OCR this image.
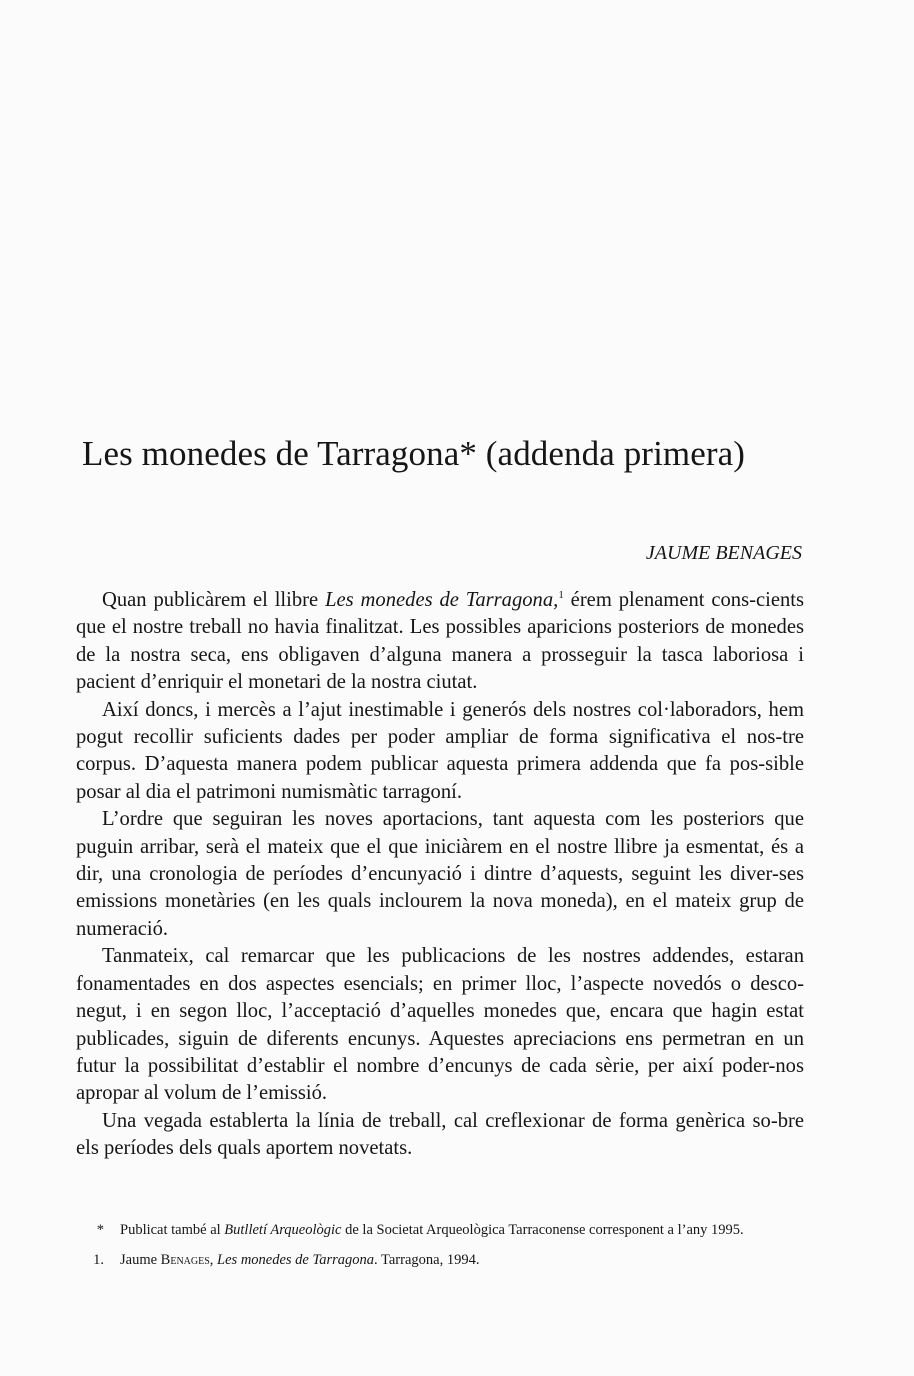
Les monedes de Tarragona* (addenda primera)
JAUME BENAGES

Quan publicàrem el llibre Les monedes de Tarragona,$^1$ érem plenament cons-cients que el nostre treball no havia finalitzat. Les possibles aparicions posteriors de monedes de la nostra seca, ens obligaven d’alguna manera a prosseguir la tasca laboriosa i pacient d’enriquir el monetari de la nostra ciutat.

Així doncs, i mercès a l’ajut inestimable i generós dels nostres col·laboradors, hem pogut recollir suficients dades per poder ampliar de forma significativa el nos-tre corpus. D’aquesta manera podem publicar aquesta primera addenda que fa pos-sible posar al dia el patrimoni numismàtic tarragoní.

L’ordre que seguiran les noves aportacions, tant aquesta com les posteriors que puguin arribar, serà el mateix que el que iniciàrem en el nostre llibre ja esmentat, és a dir, una cronologia de períodes d’encunyació i dintre d’aquests, seguint les diver-ses emissions monetàries (en les quals inclourem la nova moneda), en el mateix grup de numeració.

Tanmateix, cal remarcar que les publicacions de les nostres addendes, estaran fonamentades en dos aspectes esencials; en primer lloc, l’aspecte novedós o desco-negut, i en segon lloc, l’acceptació d’aquelles monedes que, encara que hagin estat publicades, siguin de diferents encunys. Aquestes apreciacions ens permetran en un futur la possibilitat d’establir el nombre d’encunys de cada sèrie, per així poder-nos apropar al volum de l’emissió.

Una vegada establerta la línia de treball, cal creflexionar de forma genèrica so-bre els períodes dels quals aportem novetats.

* Publicat també al Butlletí Arqueològic de la Societat Arqueològica Tarraconense corresponent a l’any 1995.

1. Jaume Benages, Les monedes de Tarragona. Tarragona, 1994.
